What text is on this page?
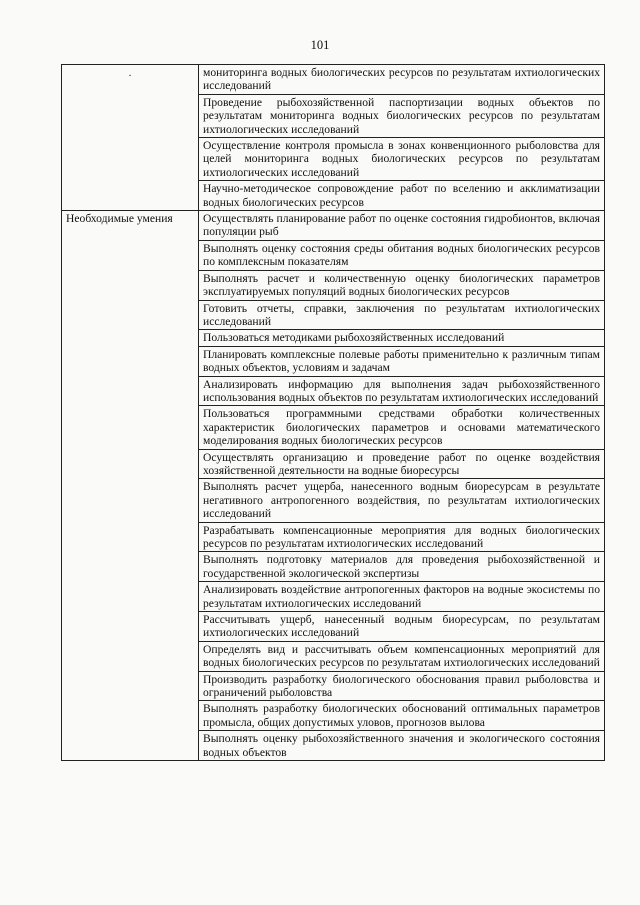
101
·	мониторинга водных биологических ресурсов по результатам ихтиологических исследований
	Проведение рыбохозяйственной паспортизации водных объектов по результатам мониторинга водных биологических ресурсов по результатам ихтиологических исследований
	Осуществление контроля промысла в зонах конвенционного рыболовства для целей мониторинга водных биологических ресурсов по результатам ихтиологических исследований
	Научно-методическое сопровождение работ по вселению и акклиматизации водных биологических ресурсов
Необходимые умения	Осуществлять планирование работ по оценке состояния гидробионтов, включая популяции рыб
	Выполнять оценку состояния среды обитания водных биологических ресурсов по комплексным показателям
	Выполнять расчет и количественную оценку биологических параметров эксплуатируемых популяций водных биологических ресурсов
	Готовить отчеты, справки, заключения по результатам ихтиологических исследований
	Пользоваться методиками рыбохозяйственных исследований
	Планировать комплексные полевые работы применительно к различным типам водных объектов, условиям и задачам
	Анализировать информацию для выполнения задач рыбохозяйственного использования водных объектов по результатам ихтиологических исследований
	Пользоваться программными средствами обработки количественных характеристик биологических параметров и основами математического моделирования водных биологических ресурсов
	Осуществлять организацию и проведение работ по оценке воздействия хозяйственной деятельности на водные биоресурсы
	Выполнять расчет ущерба, нанесенного водным биоресурсам в результате негативного антропогенного воздействия, по результатам ихтиологических исследований
	Разрабатывать компенсационные мероприятия для водных биологических ресурсов по результатам ихтиологических исследований
	Выполнять подготовку материалов для проведения рыбохозяйственной и государственной экологической экспертизы
	Анализировать воздействие антропогенных факторов на водные экосистемы по результатам ихтиологических исследований
	Рассчитывать ущерб, нанесенный водным биоресурсам, по результатам ихтиологических исследований
	Определять вид и рассчитывать объем компенсационных мероприятий для водных биологических ресурсов по результатам ихтиологических исследований
	Производить разработку биологического обоснования правил рыболовства и ограничений рыболовства
	Выполнять разработку биологических обоснований оптимальных параметров промысла, общих допустимых уловов, прогнозов вылова
	Выполнять оценку рыбохозяйственного значения и экологического состояния водных объектов
